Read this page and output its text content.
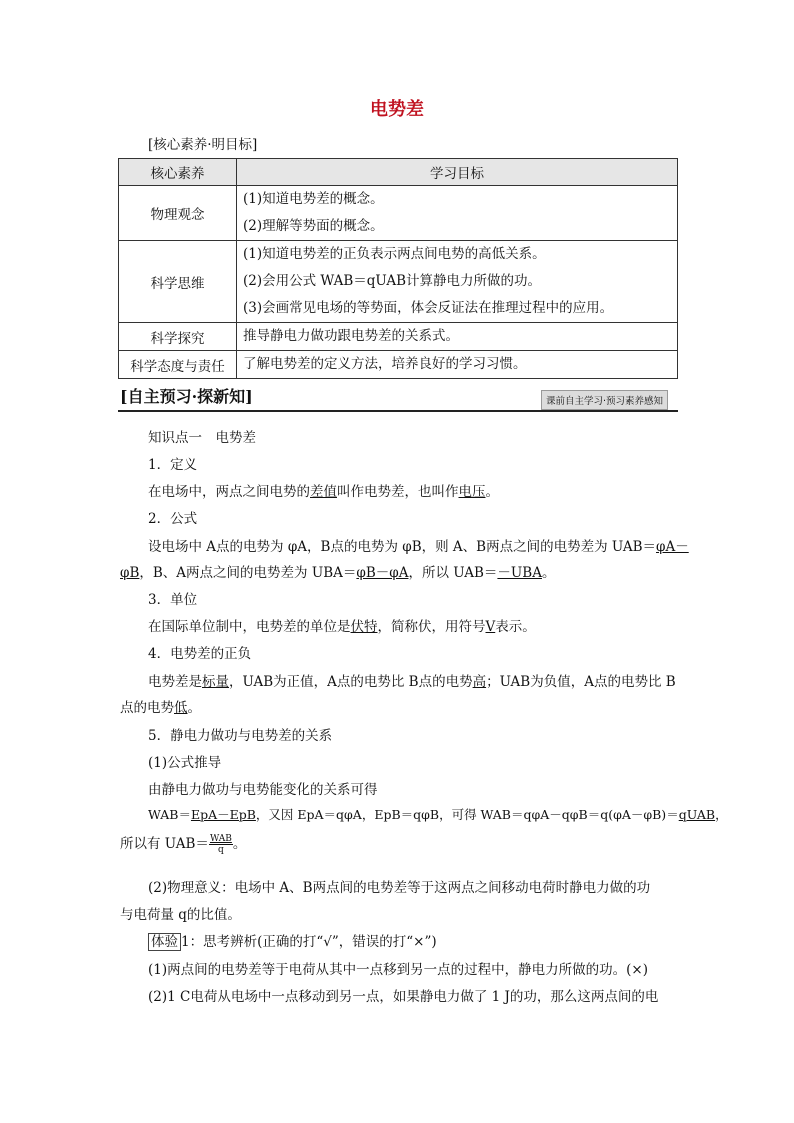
电势差
[核心素养·明目标]
核心素养	学习目标
物理观念	(1)知道电势差的概念。
(2)理解等势面的概念。

科学思维	(1)知道电势差的正负表示两点间电势的高低关系。
(2)会用公式 WAB＝qUAB计算静电力所做的功。
(3)会画常见电场的等势面，体会反证法在推理过程中的应用。

科学探究	推导静电力做功跟电势差的关系式。

科学态度与责任	了解电势差的定义方法，培养良好的学习习惯。
[自主预习·探新知]	课前自主学习·预习素养感知
知识点一　电势差
1．定义
在电场中，两点之间电势的差值叫作电势差，也叫作电压。
2．公式
设电场中 A点的电势为 φA，B点的电势为 φB，则 A、B两点之间的电势差为 UAB＝φA－
φB，B、A两点之间的电势差为 UBA＝φB－φA，所以 UAB＝－UBA。
3．单位
在国际单位制中，电势差的单位是伏特，简称伏，用符号V表示。
4．电势差的正负
电势差是标量，UAB为正值，A点的电势比 B点的电势高；UAB为负值，A点的电势比 B
点的电势低。
5．静电力做功与电势差的关系
(1)公式推导
由静电力做功与电势能变化的关系可得
WAB＝EpA－EpB，又因 EpA＝qφA，EpB＝qφB，可得 WAB＝qφA－qφB＝q(φA－φB)＝qUAB，
所以有 $UAB= \frac{\text{WAB}}{q}$ 。
(2)物理意义：电场中 A、B两点间的电势差等于这两点之间移动电荷时静电力做的功
与电荷量 q的比值。
体验 1：思考辨析(正确的打“√”，错误的打“×”)
(1)两点间的电势差等于电荷从其中一点移到另一点的过程中，静电力所做的功。(×)
(2)1 C电荷从电场中一点移动到另一点，如果静电力做了 1 J的功，那么这两点间的电
